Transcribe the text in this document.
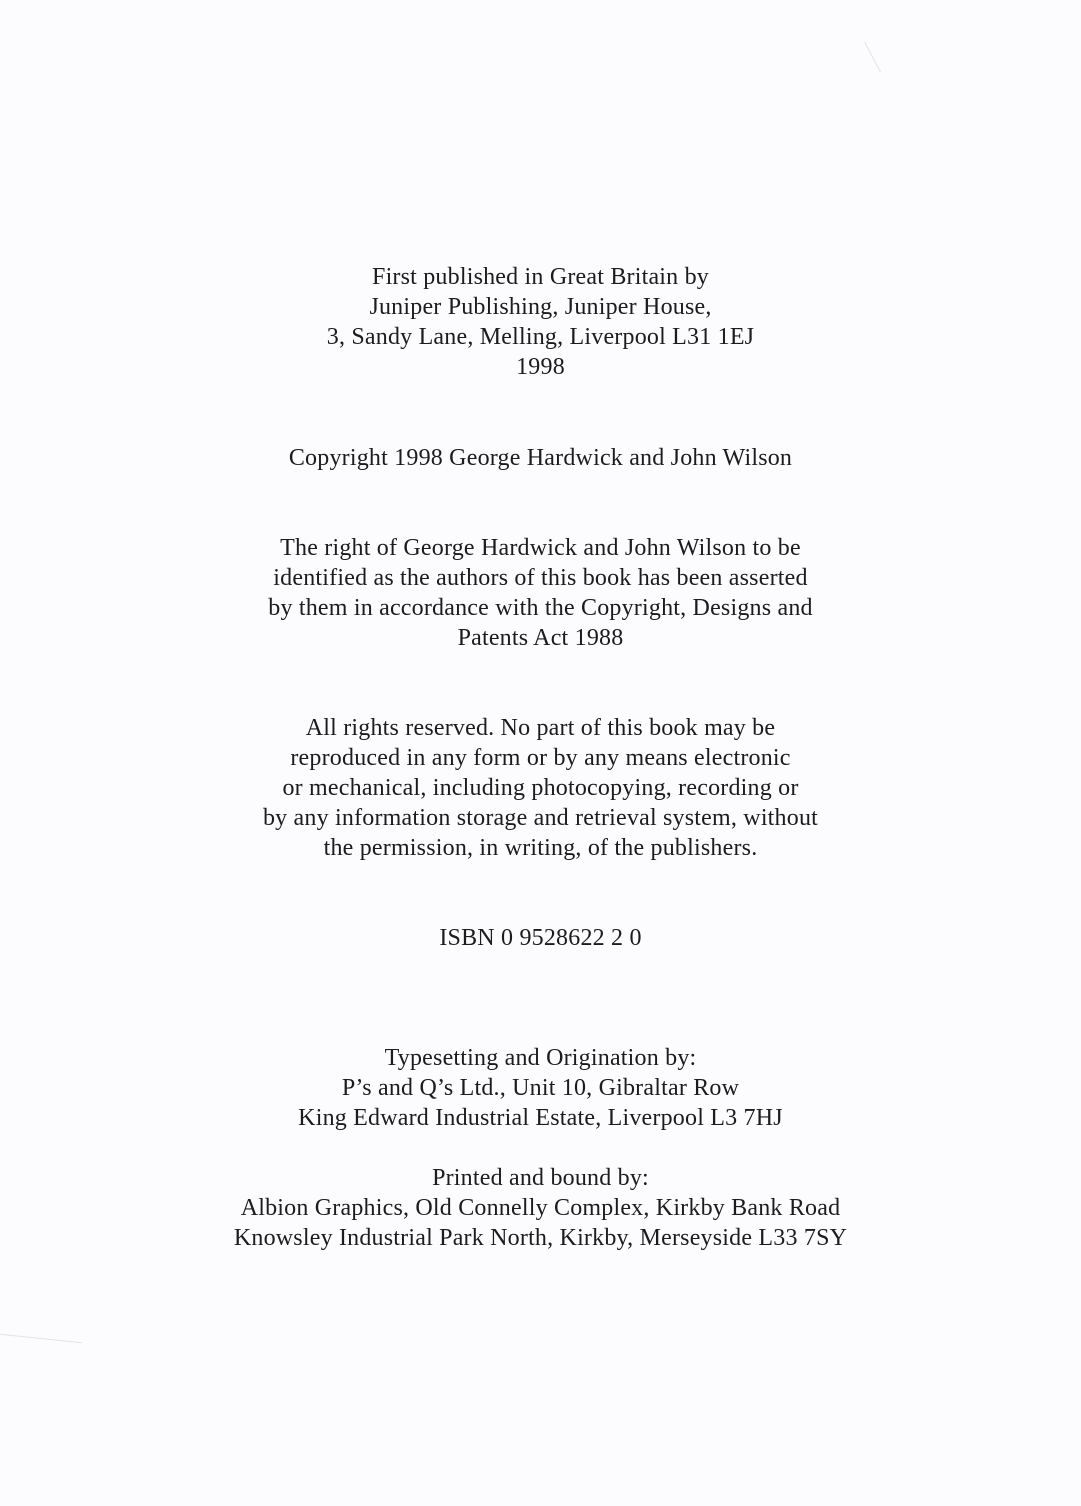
First published in Great Britain by
Juniper Publishing, Juniper House,
3, Sandy Lane, Melling, Liverpool L31 1EJ
1998
Copyright 1998 George Hardwick and John Wilson
The right of George Hardwick and John Wilson to be
identified as the authors of this book has been asserted
by them in accordance with the Copyright, Designs and
Patents Act 1988
All rights reserved. No part of this book may be
reproduced in any form or by any means electronic
or mechanical, including photocopying, recording or
by any information storage and retrieval system, without
the permission, in writing, of the publishers.
ISBN 0 9528622 2 0
Typesetting and Origination by:
P’s and Q’s Ltd., Unit 10, Gibraltar Row
King Edward Industrial Estate, Liverpool L3 7HJ
Printed and bound by:
Albion Graphics, Old Connelly Complex, Kirkby Bank Road
Knowsley Industrial Park North, Kirkby, Merseyside L33 7SY
